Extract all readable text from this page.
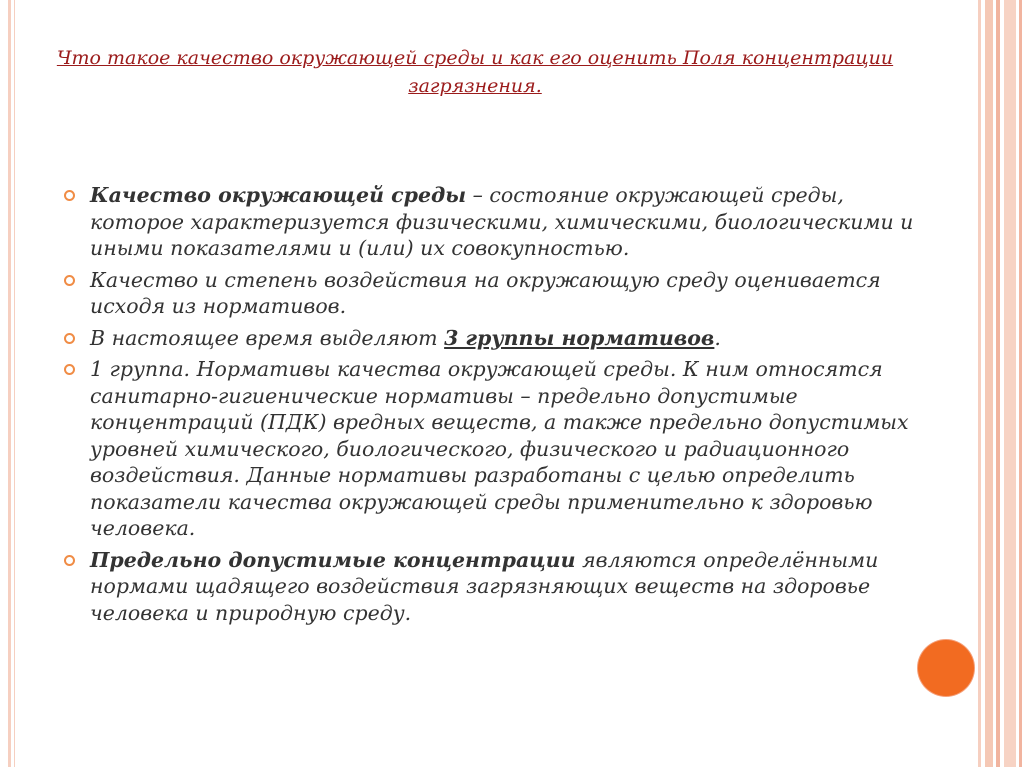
Что такое качество окружающей среды и как его оценить Поля концентрации загрязнения.
Качество окружающей среды – состояние окружающей среды, которое характеризуется физическими, химическими, биологическими и иными показателями и (или) их совокупностью.
Качество и степень воздействия на окружающую среду оценивается исходя из нормативов.
В настоящее время выделяют 3 группы нормативов.
1 группа. Нормативы качества окружающей среды. К ним относятся санитарно-гигиенические нормативы – предельно допустимые концентраций (ПДК) вредных веществ, а также предельно допустимых уровней химического, биологического, физического и радиационного воздействия. Данные нормативы разработаны с целью определить показатели качества окружающей среды применительно к здоровью человека.
Предельно допустимые концентрации являются определёнными нормами щадящего воздействия загрязняющих веществ на здоровье человека и природную среду.
